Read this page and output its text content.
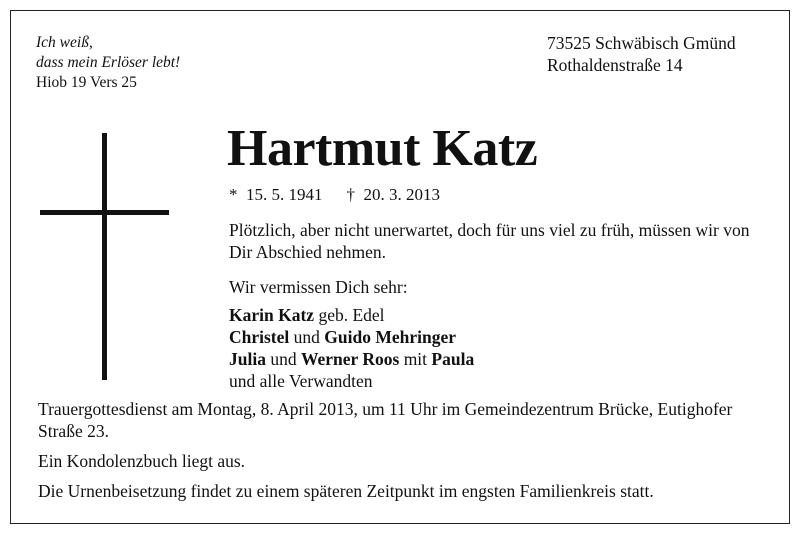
Ich weiß,
dass mein Erlöser lebt!
Hiob 19 Vers 25
73525 Schwäbisch Gmünd
Rothaldenstraße 14
Hartmut Katz
* 15. 5. 1941 † 20. 3. 2013
Plötzlich, aber nicht unerwartet, doch für uns viel zu früh, müssen wir von Dir Abschied nehmen.
Wir vermissen Dich sehr:
Karin Katz geb. Edel
Christel und Guido Mehringer
Julia und Werner Roos mit Paula
und alle Verwandten
Trauergottesdienst am Montag, 8. April 2013, um 11 Uhr im Gemeindezentrum Brücke, Eutighofer Straße 23.
Ein Kondolenzbuch liegt aus.
Die Urnenbeisetzung findet zu einem späteren Zeitpunkt im engsten Familienkreis statt.
